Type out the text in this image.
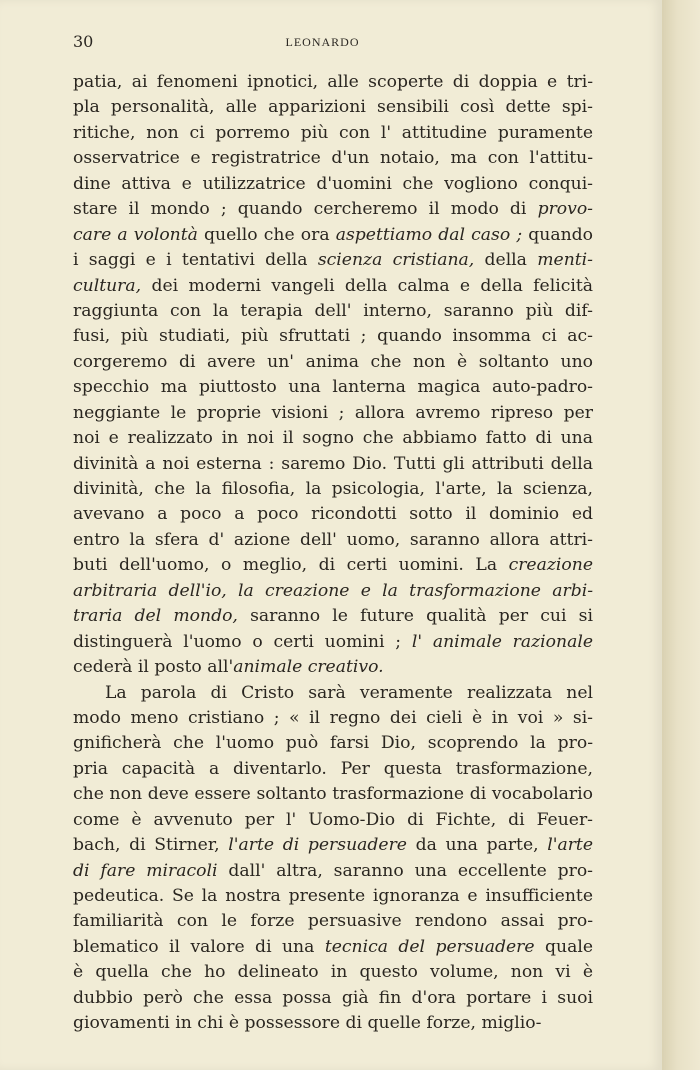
30	LEONARDO
patia, ai fenomeni ipnotici, alle scoperte di doppia e tri-
pla personalità, alle apparizioni sensibili così dette spi-
ritiche, non ci porremo più con l' attitudine puramente
osservatrice e registratrice d'un notaio, ma con l'attitu-
dine attiva e utilizzatrice d'uomini che vogliono conqui-
stare il mondo ; quando cercheremo il modo di provo-
care a volontà quello che ora aspettiamo dal caso ; quando
i saggi e i tentativi della scienza cristiana, della menti-
cultura, dei moderni vangeli della calma e della felicità
raggiunta con la terapia dell' interno, saranno più dif-
fusi, più studiati, più sfruttati ; quando insomma ci ac-
corgeremo di avere un' anima che non è soltanto uno
specchio ma piuttosto una lanterna magica auto-padro-
neggiante le proprie visioni ; allora avremo ripreso per
noi e realizzato in noi il sogno che abbiamo fatto di una
divinità a noi esterna : saremo Dio. Tutti gli attributi della
divinità, che la filosofia, la psicologia, l'arte, la scienza,
avevano a poco a poco ricondotti sotto il dominio ed
entro la sfera d' azione dell' uomo, saranno allora attri-
buti dell'uomo, o meglio, di certi uomini. La creazione
arbitraria dell'io, la creazione e la trasformazione arbi-
traria del mondo, saranno le future qualità per cui si
distinguerà l'uomo o certi uomini ; l' animale razionale
cederà il posto all'animale creativo.
La parola di Cristo sarà veramente realizzata nel
modo meno cristiano ; « il regno dei cieli è in voi » si-
gnificherà che l'uomo può farsi Dio, scoprendo la pro-
pria capacità a diventarlo. Per questa trasformazione,
che non deve essere soltanto trasformazione di vocabolario
come è avvenuto per l' Uomo-Dio di Fichte, di Feuer-
bach, di Stirner, l'arte di persuadere da una parte, l'arte
di fare miracoli dall' altra, saranno una eccellente pro-
pedeutica. Se la nostra presente ignoranza e insufficiente
familiarità con le forze persuasive rendono assai pro-
blematico il valore di una tecnica del persuadere quale
è quella che ho delineato in questo volume, non vi è
dubbio però che essa possa già fin d'ora portare i suoi
giovamenti in chi è possessore di quelle forze, miglio-
